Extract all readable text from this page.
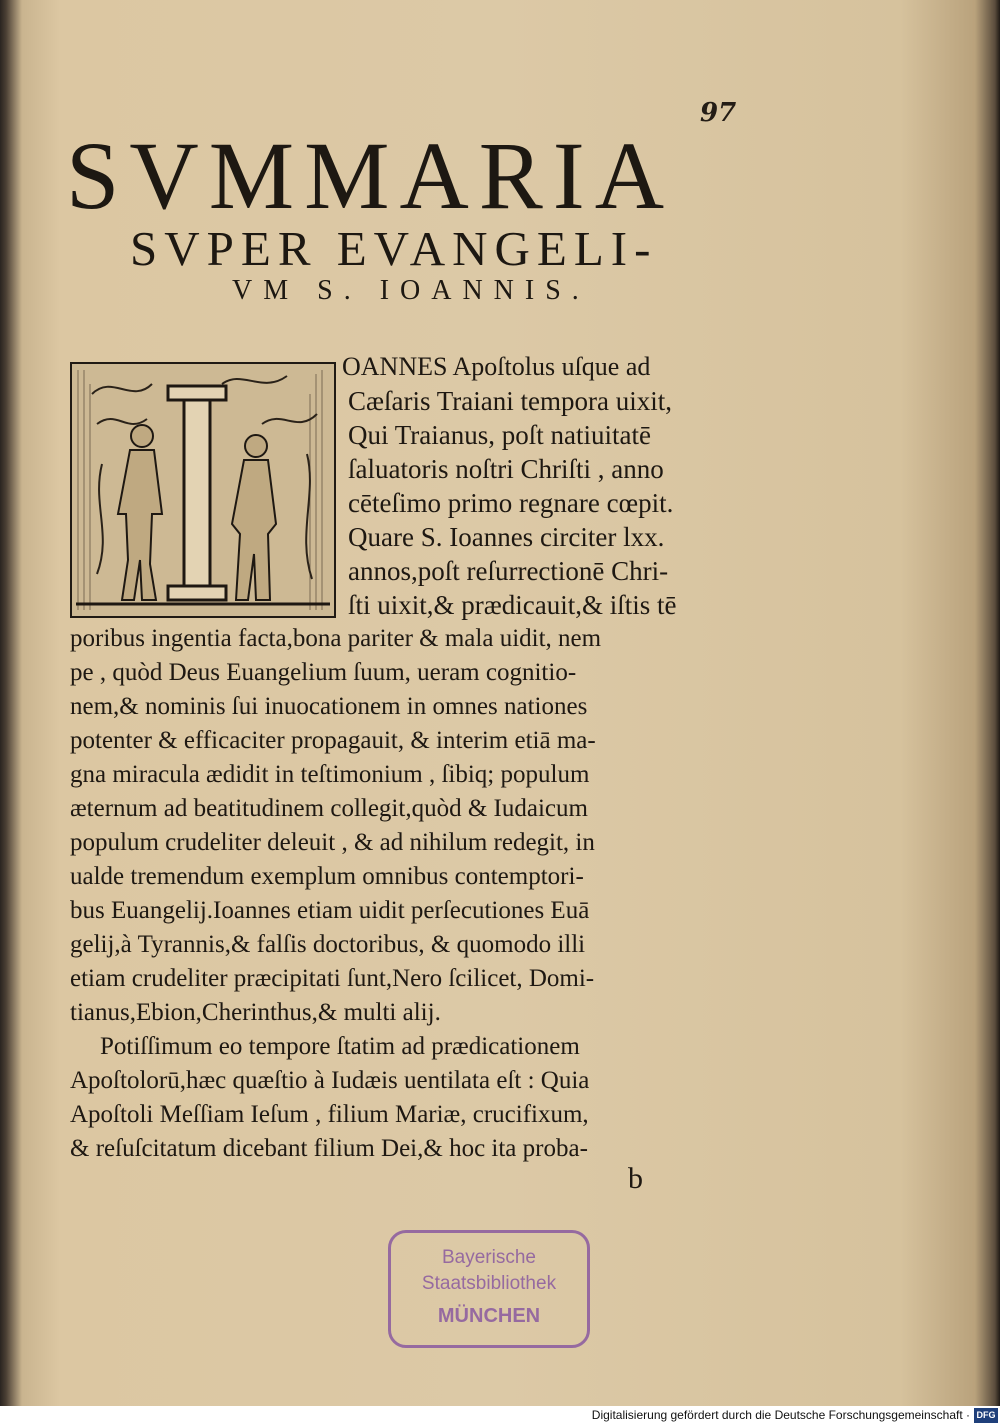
97
SVMMARIA
SVPER EVANGELI-
VM S. IOANNIS.
OANNES Apoſtolus uſque ad
Cæſaris Traiani tempora uixit,
Qui Traianus, poſt natiuitatē
ſaluatoris noſtri Chriſti , anno
cēteſimo primo regnare cœpit.
Quare S. Ioannes circiter lxx.
annos,poſt reſurrectionē Chri-
ſti uixit,& prædicauit,& iſtis tē
poribus ingentia facta,bona pariter & mala uidit, nem
pe , quòd Deus Euangelium ſuum, ueram cognitio-
nem,& nominis ſui inuocationem in omnes nationes
potenter & efficaciter propagauit, & interim etiā ma-
gna miracula ædidit in teſtimonium , ſibiq; populum
æternum ad beatitudinem collegit,quòd & Iudaicum
populum crudeliter deleuit , & ad nihilum redegit, in
ualde tremendum exemplum omnibus contemptori-
bus Euangelij.Ioannes etiam uidit perſecutiones Euā
gelij,à Tyrannis,& falſis doctoribus, & quomodo illi
etiam crudeliter præcipitati ſunt,Nero ſcilicet, Domi-
tianus,Ebion,Cherinthus,& multi alij.
Potiſſimum eo tempore ſtatim ad prædicationem
Apoſtolorū,hæc quæſtio à Iudæis uentilata eſt : Quia
Apoſtoli Meſſiam Ieſum , filium Mariæ, crucifixum,
& reſuſcitatum dicebant filium Dei,& hoc ita proba-
b
Bayerische
Staatsbibliothek
MÜNCHEN
Digitalisierung gefördert durch die Deutsche Forschungsgemeinschaft · DFG
